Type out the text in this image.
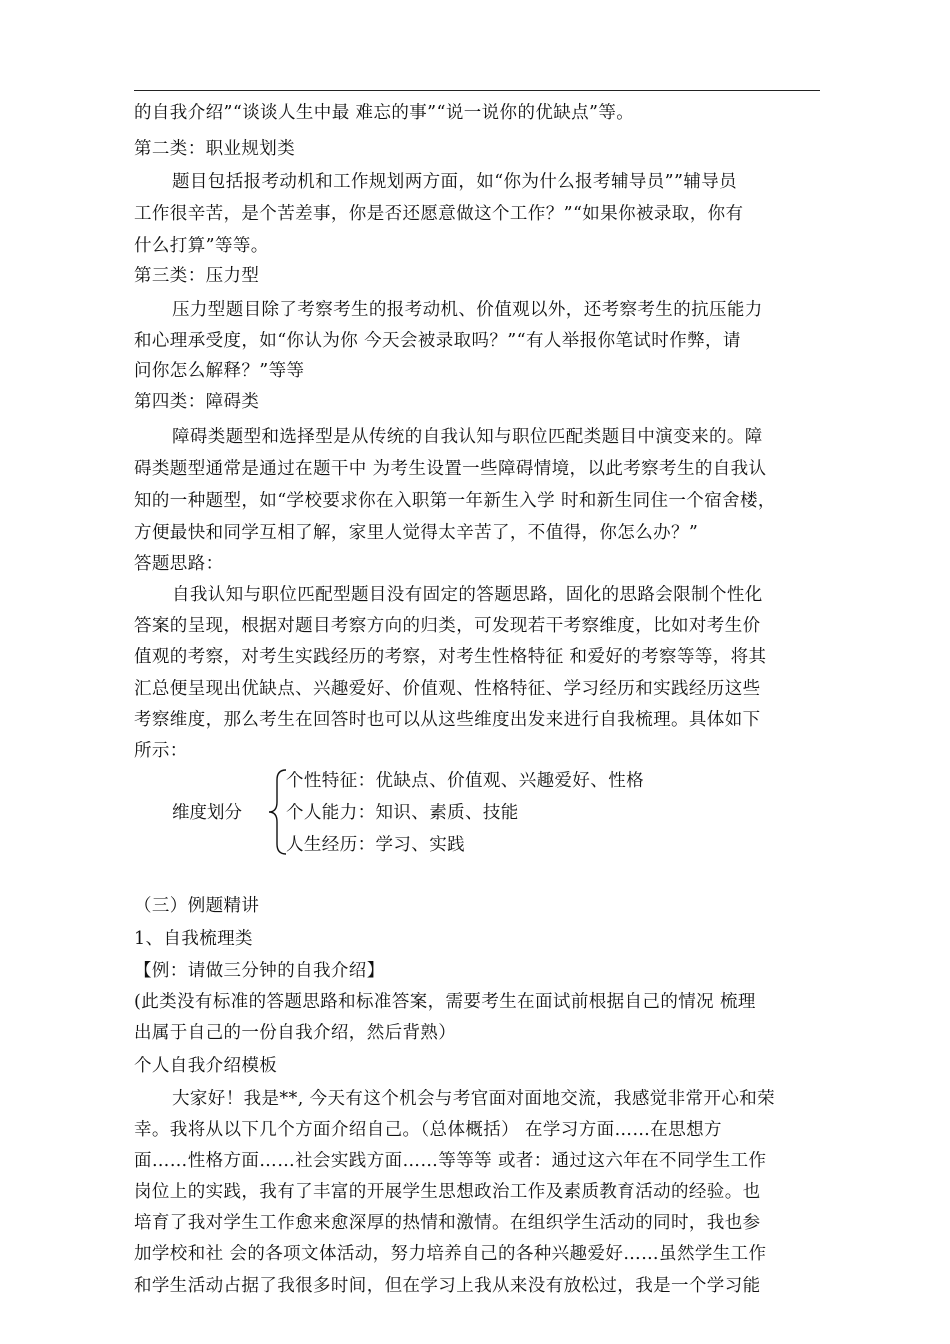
的自我介绍”“谈谈人生中最 难忘的事”“说一说你的优缺点”等。
第二类：职业规划类
题目包括报考动机和工作规划两方面，如“你为什么报考辅导员””辅导员
工作很辛苦，是个苦差事，你是否还愿意做这个工作？”“如果你被录取，你有
什么打算”等等。
第三类：压力型
压力型题目除了考察考生的报考动机、价值观以外，还考察考生的抗压能力
和心理承受度，如“你认为你 今天会被录取吗？”“有人举报你笔试时作弊，请
问你怎么解释？”等等
第四类：障碍类
障碍类题型和选择型是从传统的自我认知与职位匹配类题目中演变来的。障
碍类题型通常是通过在题干中 为考生设置一些障碍情境，以此考察考生的自我认
知的一种题型，如“学校要求你在入职第一年新生入学 时和新生同住一个宿舍楼，
方便最快和同学互相了解，家里人觉得太辛苦了，不值得，你怎么办？”
答题思路：
自我认知与职位匹配型题目没有固定的答题思路，固化的思路会限制个性化
答案的呈现，根据对题目考察方向的归类，可发现若干考察维度，比如对考生价
值观的考察，对考生实践经历的考察，对考生性格特征 和爱好的考察等等，将其
汇总便呈现出优缺点、兴趣爱好、价值观、性格特征、学习经历和实践经历这些
考察维度，那么考生在回答时也可以从这些维度出发来进行自我梳理。具体如下
所示：
维度划分
个性特征：优缺点、价值观、兴趣爱好、性格
个人能力：知识、素质、技能
人生经历：学习、实践
（三）例题精讲
1、自我梳理类
【例：请做三分钟的自我介绍】
(此类没有标准的答题思路和标准答案，需要考生在面试前根据自己的情况 梳理
出属于自己的一份自我介绍，然后背熟）
个人自我介绍模板
大家好！我是**, 今天有这个机会与考官面对面地交流，我感觉非常开心和荣
幸。我将从以下几个方面介绍自己。（总体概括） 在学习方面……在思想方
面……性格方面……社会实践方面……等等等 或者：通过这六年在不同学生工作
岗位上的实践，我有了丰富的开展学生思想政治工作及素质教育活动的经验。也
培育了我对学生工作愈来愈深厚的热情和激情。在组织学生活动的同时，我也参
加学校和社 会的各项文体活动，努力培养自己的各种兴趣爱好……虽然学生工作
和学生活动占据了我很多时间，但在学习上我从来没有放松过，我是一个学习能
